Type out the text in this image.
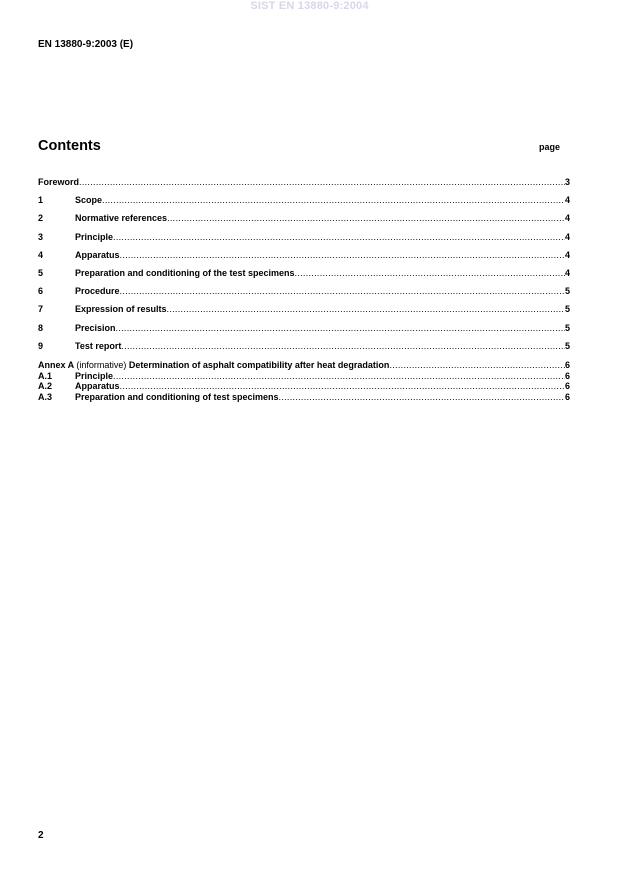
SIST EN 13880-9:2004
EN 13880-9:2003 (E)
Contents	page
Foreword .....	3
1	Scope .....	4
2	Normative references .....	4
3	Principle .....	4
4	Apparatus .....	4
5	Preparation and conditioning of the test specimens .....	4
6	Procedure .....	5
7	Expression of results .....	5
8	Precision .....	5
9	Test report .....	5
Annex A (informative) Determination of asphalt compatibility after heat degradation .....	6
A.1	Principle .....	6
A.2	Apparatus .....	6
A.3	Preparation and conditioning of test specimens .....	6
2
